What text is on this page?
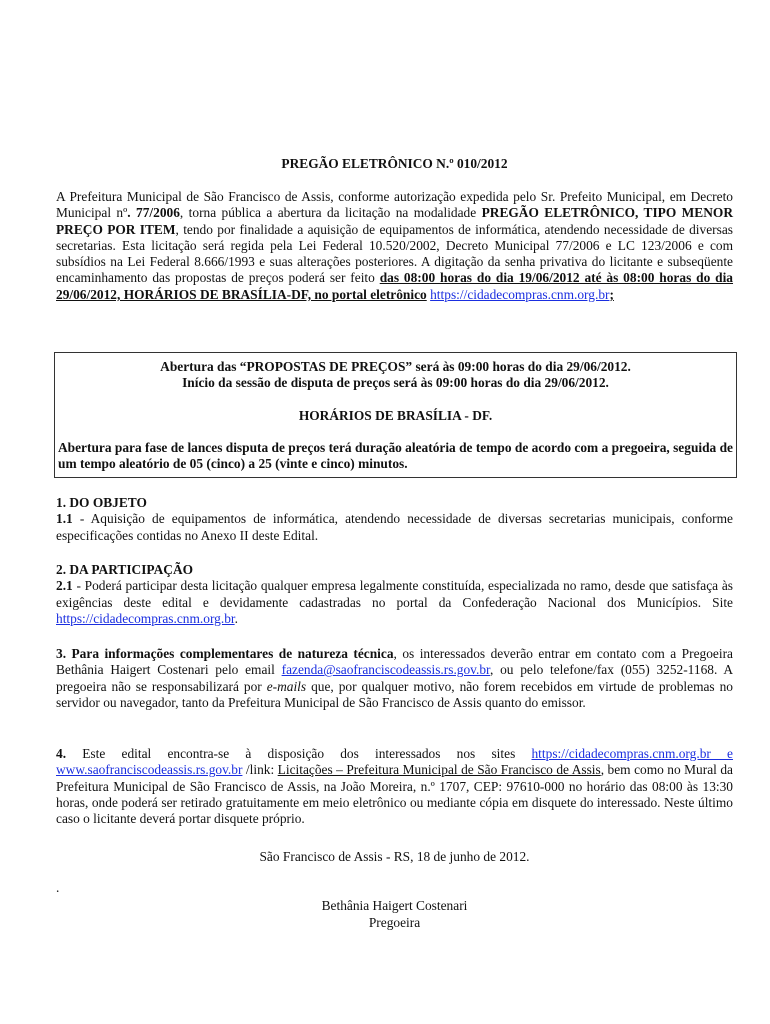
PREGÃO ELETRÔNICO N.º 010/2012
A Prefeitura Municipal de São Francisco de Assis, conforme autorização expedida pelo Sr. Prefeito Municipal, em Decreto Municipal nº. 77/2006, torna pública a abertura da licitação na modalidade PREGÃO ELETRÔNICO, TIPO MENOR PREÇO POR ITEM, tendo por finalidade a aquisição de equipamentos de informática, atendendo necessidade de diversas secretarias. Esta licitação será regida pela Lei Federal 10.520/2002, Decreto Municipal 77/2006 e LC 123/2006 e com subsídios na Lei Federal 8.666/1993 e suas alterações posteriores. A digitação da senha privativa do licitante e subseqüente encaminhamento das propostas de preços poderá ser feito das 08:00 horas do dia 19/06/2012 até às 08:00 horas do dia 29/06/2012, HORÁRIOS DE BRASÍLIA-DF, no portal eletrônico https://cidadecompras.cnm.org.br;
Abertura das “PROPOSTAS DE PREÇOS” será às 09:00 horas do dia 29/06/2012.
Início da sessão de disputa de preços será às 09:00 horas do dia 29/06/2012.
HORÁRIOS DE BRASÍLIA - DF.
Abertura para fase de lances disputa de preços terá duração aleatória de tempo de acordo com a pregoeira, seguida de um tempo aleatório de 05 (cinco) a 25 (vinte e cinco) minutos.
1. DO OBJETO
1.1 - Aquisição de equipamentos de informática, atendendo necessidade de diversas secretarias municipais, conforme especificações contidas no Anexo II deste Edital.
2. DA PARTICIPAÇÃO
2.1 - Poderá participar desta licitação qualquer empresa legalmente constituída, especializada no ramo, desde que satisfaça às exigências deste edital e devidamente cadastradas no portal da Confederação Nacional dos Municípios. Site https://cidadecompras.cnm.org.br.
3. Para informações complementares de natureza técnica, os interessados deverão entrar em contato com a Pregoeira Bethânia Haigert Costenari pelo email fazenda@saofranciscodeassis.rs.gov.br, ou pelo telefone/fax (055) 3252-1168. A pregoeira não se responsabilizará por e-mails que, por qualquer motivo, não forem recebidos em virtude de problemas no servidor ou navegador, tanto da Prefeitura Municipal de São Francisco de Assis quanto do emissor.
4. Este edital encontra-se à disposição dos interessados nos sites https://cidadecompras.cnm.org.br e www.saofranciscodeassis.rs.gov.br /link: Licitações – Prefeitura Municipal de São Francisco de Assis, bem como no Mural da Prefeitura Municipal de São Francisco de Assis, na João Moreira, n.º 1707, CEP: 97610-000 no horário das 08:00 às 13:30 horas, onde poderá ser retirado gratuitamente em meio eletrônico ou mediante cópia em disquete do interessado. Neste último caso o licitante deverá portar disquete próprio.
São Francisco de Assis - RS, 18 de junho de 2012.
.
Bethânia Haigert Costenari
Pregoeira
